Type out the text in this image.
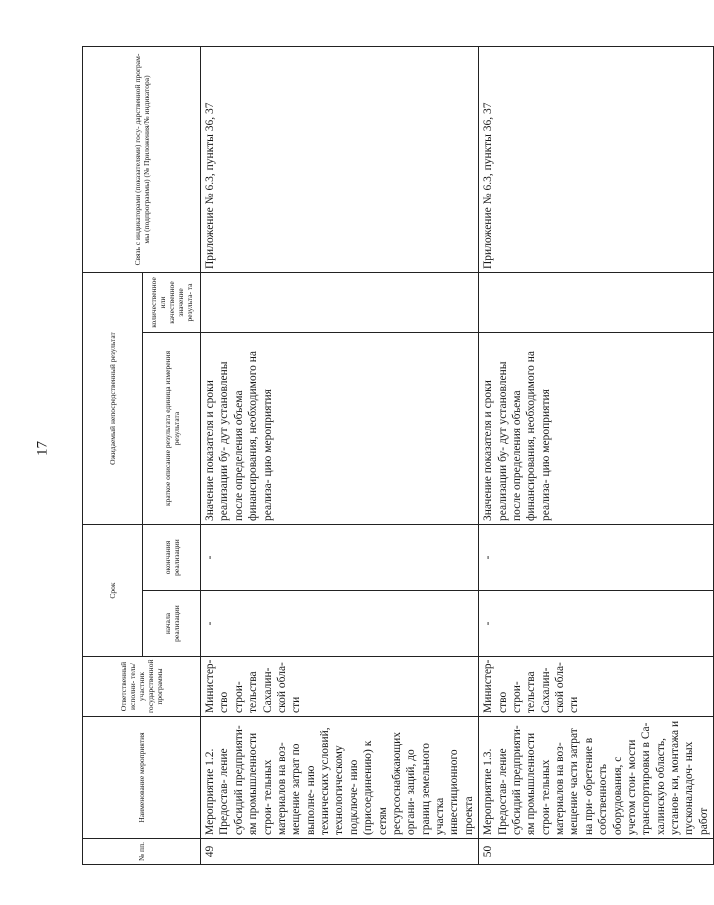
17
№ пп.	Наименование мероприятия	Ответственный исполни- тель/участник государственной программы	Срок		Ожидаемый непосредственный результат		Связь с индикаторами (показателями) госу- дарственной програм- мы (подпрограммы) (№ Приложения/№ индикатора)
			начала реализации	окончания реализации	краткое описание результата единица измерения результата	количественное или качественное значение результа- та	
49	Мероприятие 1.2. Предостав- ление субсидий предприяти- ям промышленности строи- тельных материалов на воз- мещение затрат по выполне- нию технических условий, технологическому подключе- нию (присоединению) к сетям ресурсоснабжающих органи- заций, до границ земельного участка инвестиционного проекта	Министер- ство строи- тельства Сахалин- ской обла- сти	-	-	Значение показателя и сроки реализации бу- дут установлены после определения объема финансирования, необходимого на реализа- цию мероприятия		Приложение № 6.3, пункты 36, 37
50	Мероприятие 1.3. Предостав- ление субсидий предприяти- ям промышленности строи- тельных материалов на воз- мещение части затрат на при- обретение в собственность оборудования, с учетом стои- мости транспортировки в Са- халинскую область, установ- ки, монтажа и пусконаладоч- ных работ	Министер- ство строи- тельства Сахалин- ской обла- сти	-	-	Значение показателя и сроки реализации бу- дут установлены после определения объема финансирования, необходимого на реализа- цию мероприятия		Приложение № 6.3, пункты 36, 37
